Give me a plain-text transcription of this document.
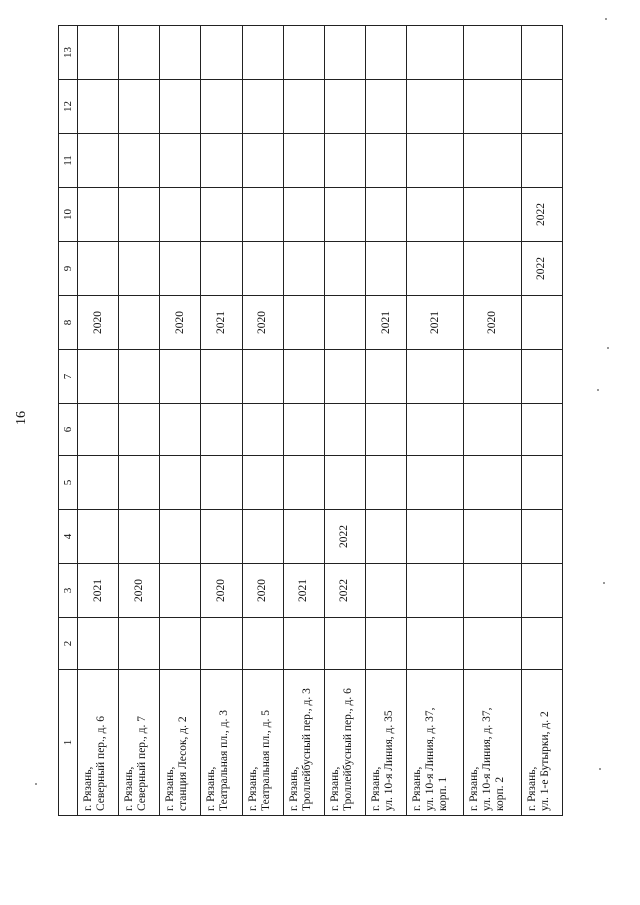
16
1	2	3	4	5	6	7	8	9	10	11	12	13

г. Рязань,
Северный пер., д. 6		2021					2020					

г. Рязань,
Северный пер., д. 7		2020										

г. Рязань,
станция Лесок, д. 2							2020					

г. Рязань,
Театральная пл., д. 3		2020					2021					

г. Рязань,
Театральная пл., д. 5		2020					2020					

г. Рязань,
Троллейбусный пер., д. 3		2021										

г. Рязань,
Троллейбусный пер., д. 6		2022	2022									

г. Рязань,
ул. 10-я Линия, д. 35							2021					

г. Рязань,
ул. 10-я Линия, д. 37,
корп. 1							2021					

г. Рязань,
ул. 10-я Линия, д. 37,
корп. 2							2020					

г. Рязань,
ул. 1-е Бутырки, д. 2								2022	2022			
